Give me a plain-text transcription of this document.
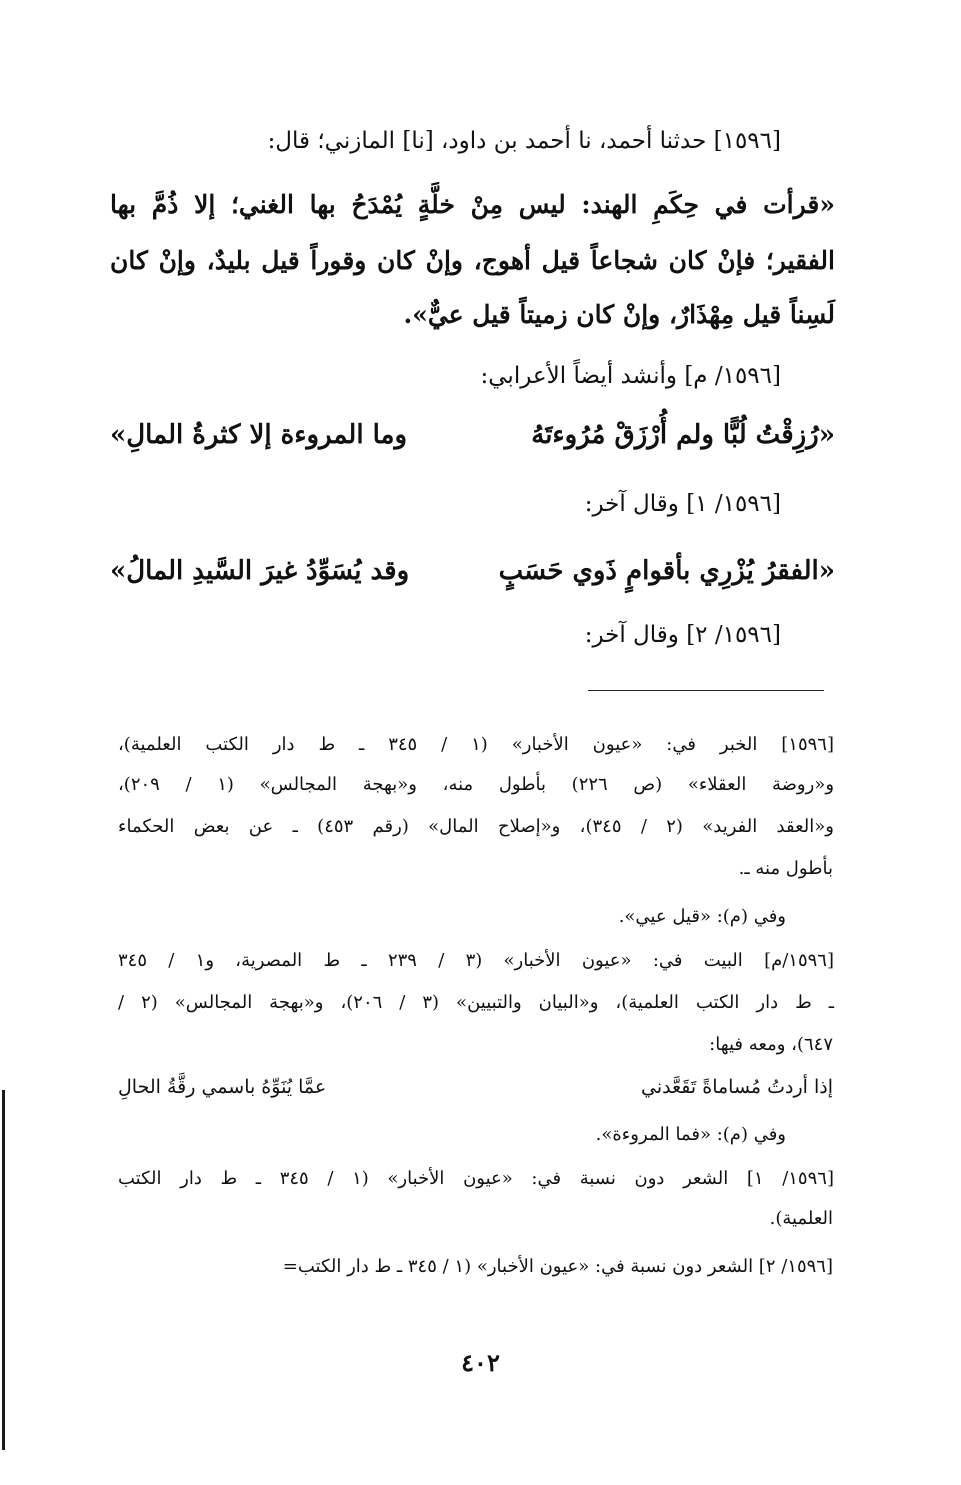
[١٥٩٦] حدثنا أحمد، نا أحمد بن داود، [نا] المازني؛ قال:
«قرأت في حِكَمِ الهند: ليس مِنْ خلَّةٍ يُمْدَحُ بها الغني؛ إلا ذُمَّ بها
الفقير؛ فإنْ كان شجاعاً قيل أهوج، وإنْ كان وقوراً قيل بليدٌ، وإنْ كان
لَسِناً قيل مِهْذَارٌ، وإنْ كان زميتاً قيل عيٌّ».
[١٥٩٦/ م] وأنشد أيضاً الأعرابي:
«رُزِقْتُ لُبًّا ولم أُرْزَقْ مُرُوءتَهُ
وما المروءة إلا كثرةُ المالِ»
[١٥٩٦/ ١] وقال آخر:
«الفقرُ يُزْرِي بأقوامٍ ذَوي حَسَبٍ
وقد يُسَوِّدُ غيرَ السَّيدِ المالُ»
[١٥٩٦/ ٢] وقال آخر:
[١٥٩٦] الخبر في: «عيون الأخبار» (١ / ٣٤٥ ـ ط دار الكتب العلمية)،
و«روضة العقلاء» (ص ٢٢٦) بأطول منه، و«بهجة المجالس» (١ / ٢٠٩)،
و«العقد الفريد» (٢ / ٣٤٥)، و«إصلاح المال» (رقم ٤٥٣) ـ عن بعض الحكماء
بأطول منه ـ.
وفي (م): «قيل عيي».
[١٥٩٦/م] البيت في: «عيون الأخبار» (٣ / ٢٣٩ ـ ط المصرية، و١ / ٣٤٥
ـ ط دار الكتب العلمية)، و«البيان والتبيين» (٣ / ٢٠٦)، و«بهجة المجالس» (٢ /
٦٤٧)، ومعه فيها:
إذا أردتُ مُساماةً تَقَعَّدني
عمَّا يُنَوِّهُ باسمي رقَّةُ الحالِ
وفي (م): «فما المروءة».
[١٥٩٦/ ١] الشعر دون نسبة في: «عيون الأخبار» (١ / ٣٤٥ ـ ط دار الكتب
العلمية).
[١٥٩٦/ ٢] الشعر دون نسبة في: «عيون الأخبار» (١ / ٣٤٥ ـ ط دار الكتب=
٤٠٢
